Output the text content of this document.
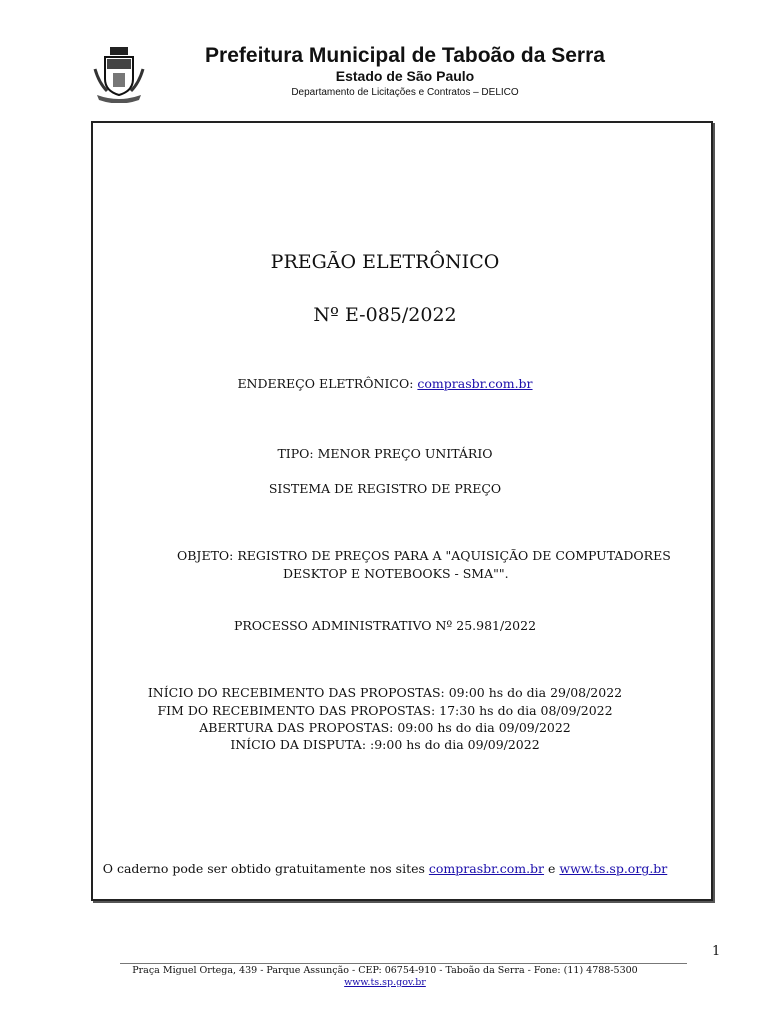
Prefeitura Municipal de Taboão da Serra
Estado de São Paulo
Departamento de Licitações e Contratos – DELICO
PREGÃO ELETRÔNICO
Nº E-085/2022
ENDEREÇO ELETRÔNICO: comprasbr.com.br
TIPO: MENOR PREÇO UNITÁRIO
SISTEMA DE REGISTRO DE PREÇO
OBJETO: REGISTRO DE PREÇOS PARA A "AQUISIÇÃO DE COMPUTADORES
DESKTOP E NOTEBOOKS - SMA"".
PROCESSO ADMINISTRATIVO Nº 25.981/2022
INÍCIO DO RECEBIMENTO DAS PROPOSTAS: 09:00 hs do dia 29/08/2022
FIM DO RECEBIMENTO DAS PROPOSTAS: 17:30 hs do dia 08/09/2022
ABERTURA DAS PROPOSTAS: 09:00 hs do dia 09/09/2022
INÍCIO DA DISPUTA: :9:00 hs do dia 09/09/2022
O caderno pode ser obtido gratuitamente nos sites comprasbr.com.br e www.ts.sp.org.br
1
Praça Miguel Ortega, 439 - Parque Assunção - CEP: 06754-910 - Taboão da Serra - Fone: (11) 4788-5300
www.ts.sp.gov.br
